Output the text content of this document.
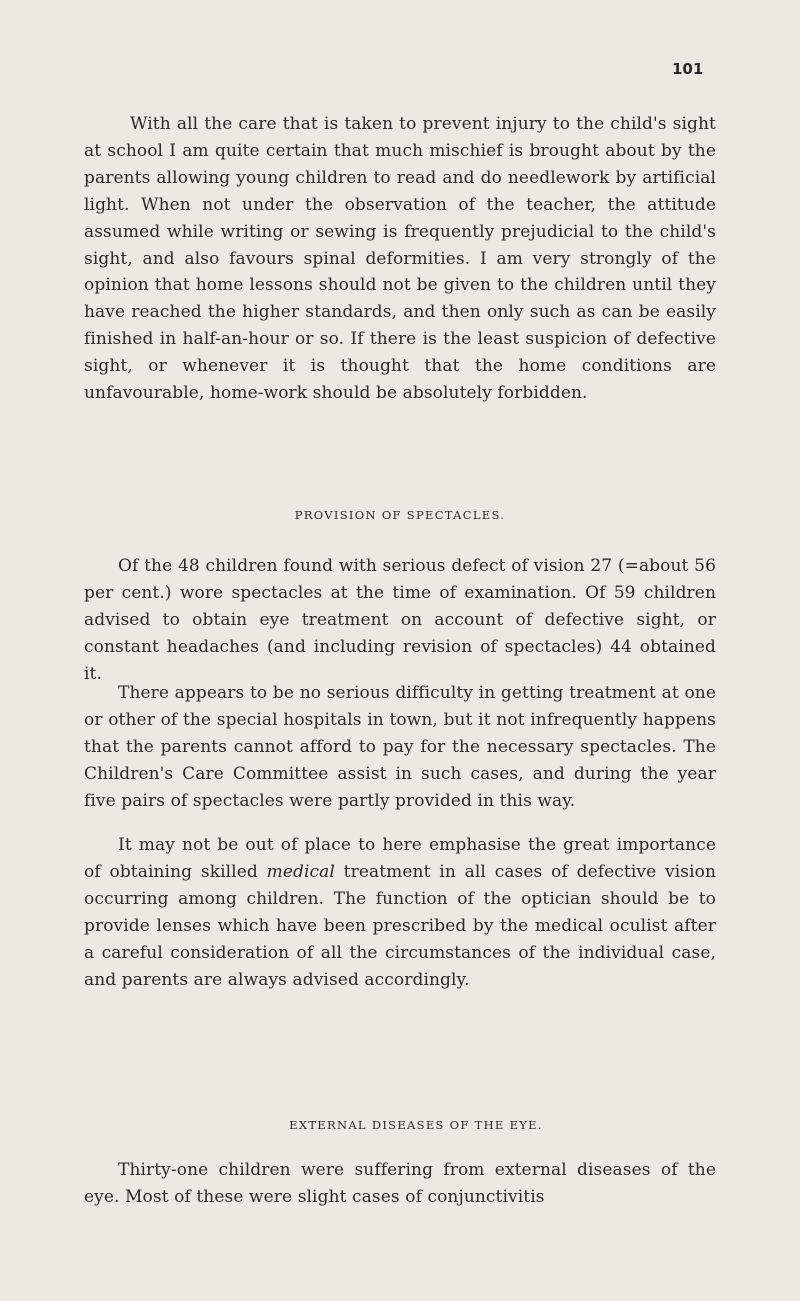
101

With all the care that is taken to prevent injury to the child's sight at school I am quite certain that much mischief is brought about by the parents allowing young children to read and do needlework by artificial light. When not under the observation of the teacher, the attitude assumed while writing or sewing is frequently prejudicial to the child's sight, and also favours spinal deformities. I am very strongly of the opinion that home lessons should not be given to the children until they have reached the higher standards, and then only such as can be easily finished in half-an-hour or so. If there is the least suspicion of defective sight, or whenever it is thought that the home conditions are unfavourable, home-work should be absolutely forbidden.

PROVISION OF SPECTACLES.

Of the 48 children found with serious defect of vision 27 (=about 56 per cent.) wore spectacles at the time of examination. Of 59 children advised to obtain eye treatment on account of defective sight, or constant headaches (and including revision of spectacles) 44 obtained it.

There appears to be no serious difficulty in getting treatment at one or other of the special hospitals in town, but it not infrequently happens that the parents cannot afford to pay for the necessary spectacles. The Children's Care Committee assist in such cases, and during the year five pairs of spectacles were partly provided in this way.

It may not be out of place to here emphasise the great importance of obtaining skilled medical treatment in all cases of defective vision occurring among children. The function of the optician should be to provide lenses which have been prescribed by the medical oculist after a careful consideration of all the circumstances of the individual case, and parents are always advised accordingly.

EXTERNAL DISEASES OF THE EYE.

Thirty-one children were suffering from external diseases of the eye. Most of these were slight cases of conjunctivitis
